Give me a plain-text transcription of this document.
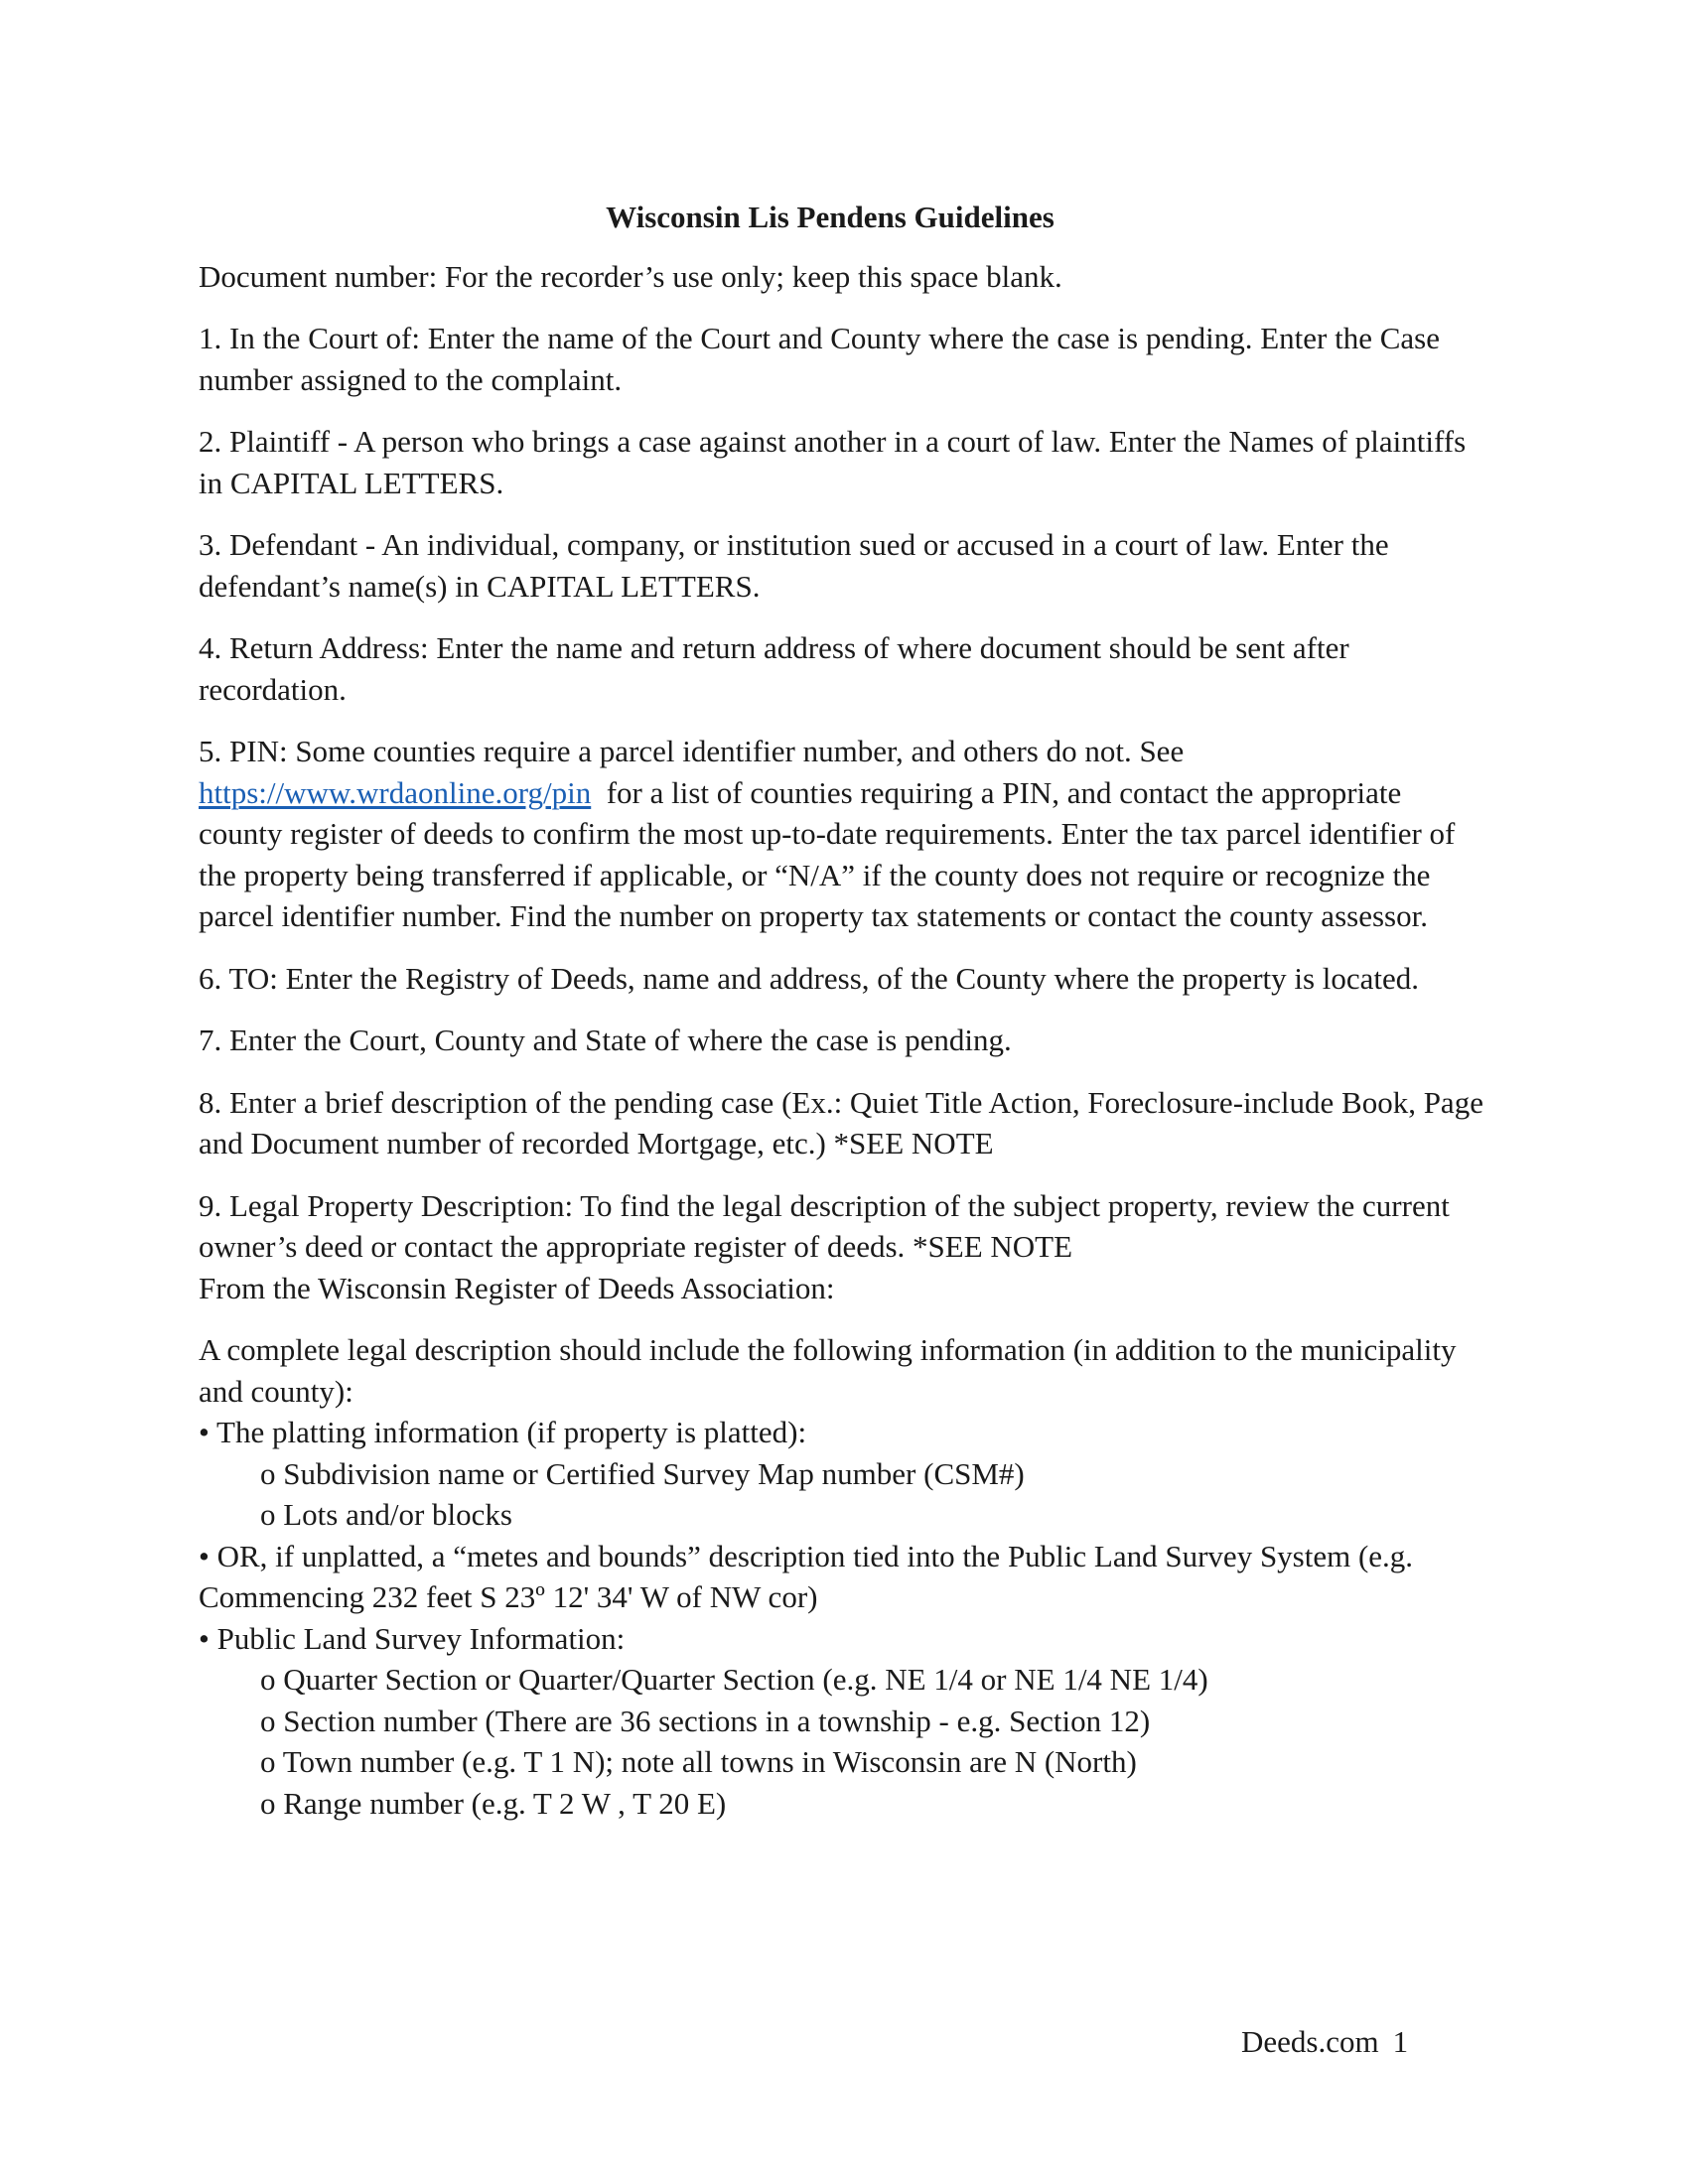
Wisconsin Lis Pendens Guidelines
Document number: For the recorder’s use only; keep this space blank.
1. In the Court of: Enter the name of the Court and County where the case is pending. Enter the Case number assigned to the complaint.
2. Plaintiff - A person who brings a case against another in a court of law. Enter the Names of plaintiffs in CAPITAL LETTERS.
3. Defendant - An individual, company, or institution sued or accused in a court of law. Enter the defendant’s name(s) in CAPITAL LETTERS.
4. Return Address: Enter the name and return address of where document should be sent after recordation.
5. PIN: Some counties require a parcel identifier number, and others do not. See
https://www.wrdaonline.org/pin  for a list of counties requiring a PIN, and contact the appropriate county register of deeds to confirm the most up-to-date requirements. Enter the tax parcel identifier of the property being transferred if applicable, or “N/A” if the county does not require or recognize the parcel identifier number. Find the number on property tax statements or contact the county assessor.
6. TO: Enter the Registry of Deeds, name and address, of the County where the property is located.
7. Enter the Court, County and State of where the case is pending.
8. Enter a brief description of the pending case (Ex.: Quiet Title Action, Foreclosure-include Book, Page and Document number of recorded Mortgage, etc.) *SEE NOTE
9. Legal Property Description: To find the legal description of the subject property, review the current owner’s deed or contact the appropriate register of deeds. *SEE NOTE
From the Wisconsin Register of Deeds Association:
A complete legal description should include the following information (in addition to the municipality and county):
• The platting information (if property is platted):
o Subdivision name or Certified Survey Map number (CSM#)
o Lots and/or blocks
• OR, if unplatted, a “metes and bounds” description tied into the Public Land Survey System (e.g. Commencing 232 feet S 23º 12' 34' W of NW cor)
• Public Land Survey Information:
o Quarter Section or Quarter/Quarter Section (e.g. NE 1/4 or NE 1/4 NE 1/4)
o Section number (There are 36 sections in a township - e.g. Section 12)
o Town number (e.g. T 1 N); note all towns in Wisconsin are N (North)
o Range number (e.g. T 2 W , T 20 E)
Deeds.com 1
